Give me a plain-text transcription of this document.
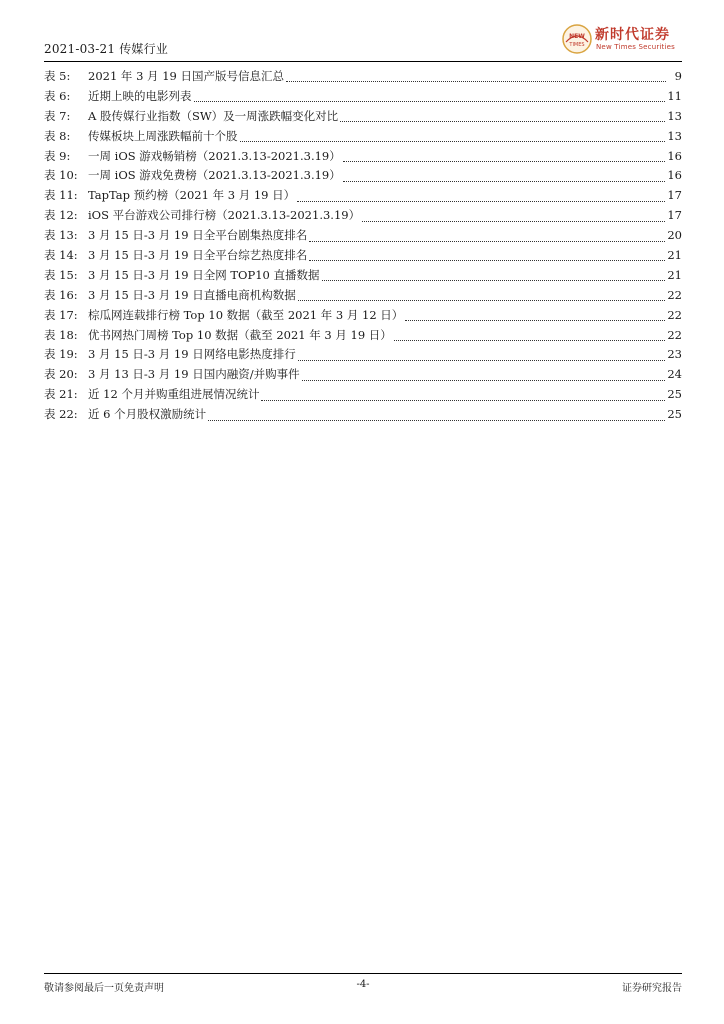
2021-03-21 传媒行业
NEW
TIMES
新时代证券
New Times Securities
表 5:	2021 年 3 月 19 日国产版号信息汇总	9
表 6:	近期上映的电影列表	11
表 7:	A 股传媒行业指数（SW）及一周涨跌幅变化对比	13
表 8:	传媒板块上周涨跌幅前十个股	13
表 9:	一周 iOS 游戏畅销榜（2021.3.13-2021.3.19）	16
表 10: 一周 iOS 游戏免费榜（2021.3.13-2021.3.19）	16
表 11: TapTap 预约榜（2021 年 3 月 19 日）	17
表 12: iOS 平台游戏公司排行榜（2021.3.13-2021.3.19）	17
表 13: 3 月 15 日-3 月 19 日全平台剧集热度排名	20
表 14: 3 月 15 日-3 月 19 日全平台综艺热度排名	21
表 15: 3 月 15 日-3 月 19 日全网 TOP10 直播数据	21
表 16: 3 月 15 日-3 月 19 日直播电商机构数据	22
表 17: 棕瓜网连载排行榜 Top 10 数据（截至 2021 年 3 月 12 日）	22
表 18: 优书网热门周榜 Top 10 数据（截至 2021 年 3 月 19 日）	22
表 19: 3 月 15 日-3 月 19 日网络电影热度排行	23
表 20: 3 月 13 日-3 月 19 日国内融资/并购事件	24
表 21: 近 12 个月并购重组进展情况统计	25
表 22: 近 6 个月股权激励统计	25
敬请参阅最后一页免责声明	-4-	证券研究报告
